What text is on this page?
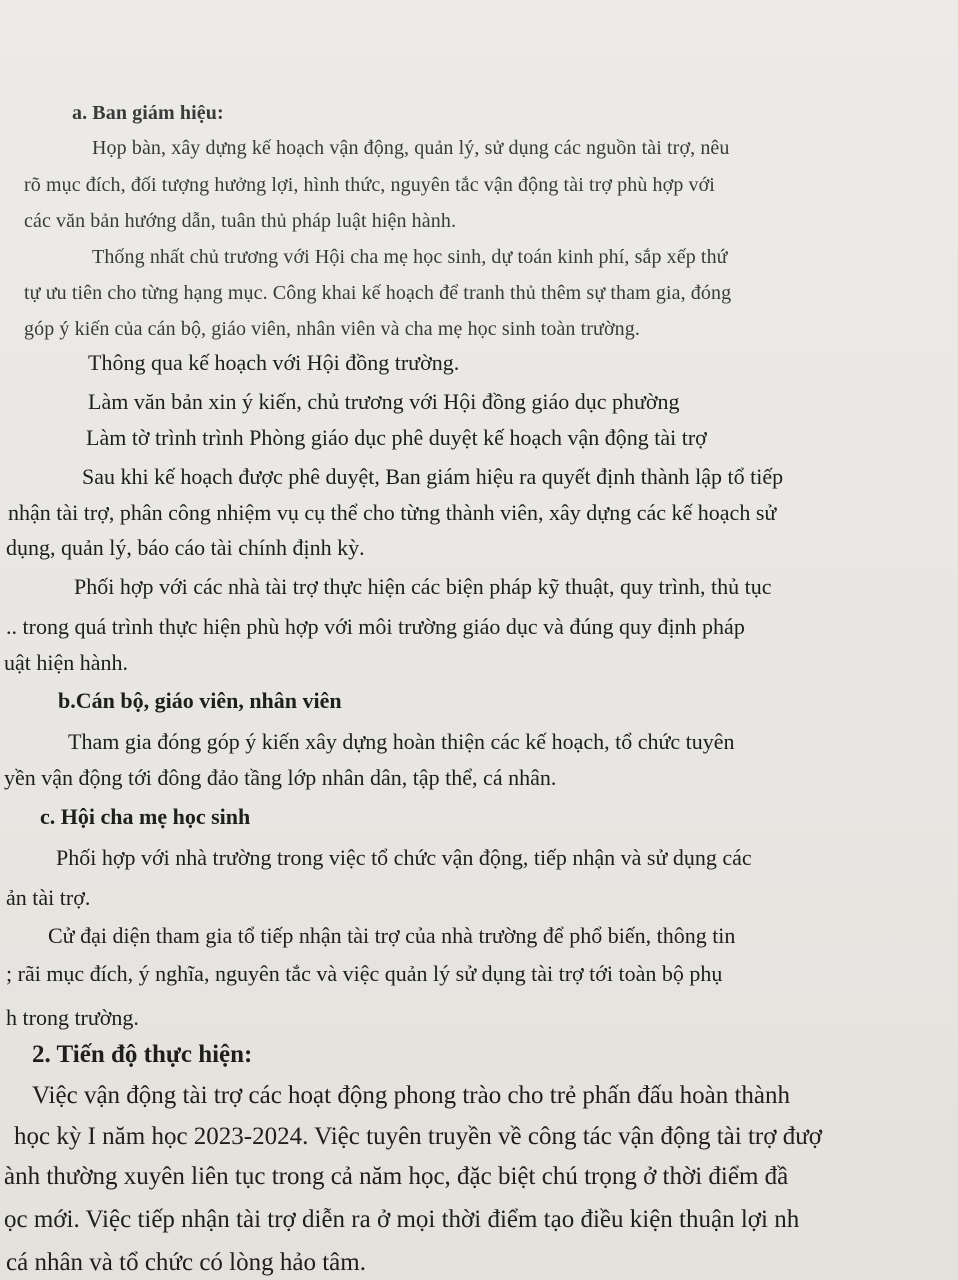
a. Ban giám hiệu:

Họp bàn, xây dựng kế hoạch vận động, quản lý, sử dụng các nguồn tài trợ, nêu

rõ mục đích, đối tượng hưởng lợi, hình thức, nguyên tắc vận động tài trợ phù hợp với

các văn bản hướng dẫn, tuân thủ pháp luật hiện hành.

Thống nhất chủ trương với Hội cha mẹ học sinh, dự toán kinh phí, sắp xếp thứ

tự ưu tiên cho từng hạng mục. Công khai kế hoạch để tranh thủ thêm sự tham gia, đóng

góp ý kiến của cán bộ, giáo viên, nhân viên và cha mẹ học sinh toàn trường.

Thông qua kế hoạch với Hội đồng trường.

Làm văn bản xin ý kiến, chủ trương với Hội đồng giáo dục phường

Làm tờ trình trình Phòng giáo dục phê duyệt kế hoạch vận động tài trợ

Sau khi kế hoạch được phê duyệt, Ban giám hiệu ra quyết định thành lập tổ tiếp

nhận tài trợ, phân công nhiệm vụ cụ thể cho từng thành viên, xây dựng các kế hoạch sử

dụng, quản lý, báo cáo tài chính định kỳ.

Phối hợp với các nhà tài trợ thực hiện các biện pháp kỹ thuật, quy trình, thủ tục

.. trong quá trình thực hiện phù hợp với môi trường giáo dục và đúng quy định pháp

uật hiện hành.

b.Cán bộ, giáo viên, nhân viên

Tham gia đóng góp ý kiến xây dựng hoàn thiện các kế hoạch, tổ chức tuyên

yền vận động tới đông đảo tầng lớp nhân dân, tập thể, cá nhân.

c. Hội cha mẹ học sinh

Phối hợp với nhà trường trong việc tổ chức vận động, tiếp nhận và sử dụng các

ản tài trợ.

Cử đại diện tham gia tổ tiếp nhận tài trợ của nhà trường để phổ biến, thông tin

; rãi mục đích, ý nghĩa, nguyên tắc và việc quản lý sử dụng tài trợ tới toàn bộ phụ

h trong trường.

2. Tiến độ thực hiện:

Việc vận động tài trợ các hoạt động phong trào cho trẻ phấn đấu hoàn thành

học kỳ I năm học 2023-2024. Việc tuyên truyền về công tác vận động tài trợ đượ

ành thường xuyên liên tục trong cả năm học, đặc biệt chú trọng ở thời điểm đầ

ọc mới. Việc tiếp nhận tài trợ diễn ra ở mọi thời điểm tạo điều kiện thuận lợi nh

cá nhân và tổ chức có lòng hảo tâm.
